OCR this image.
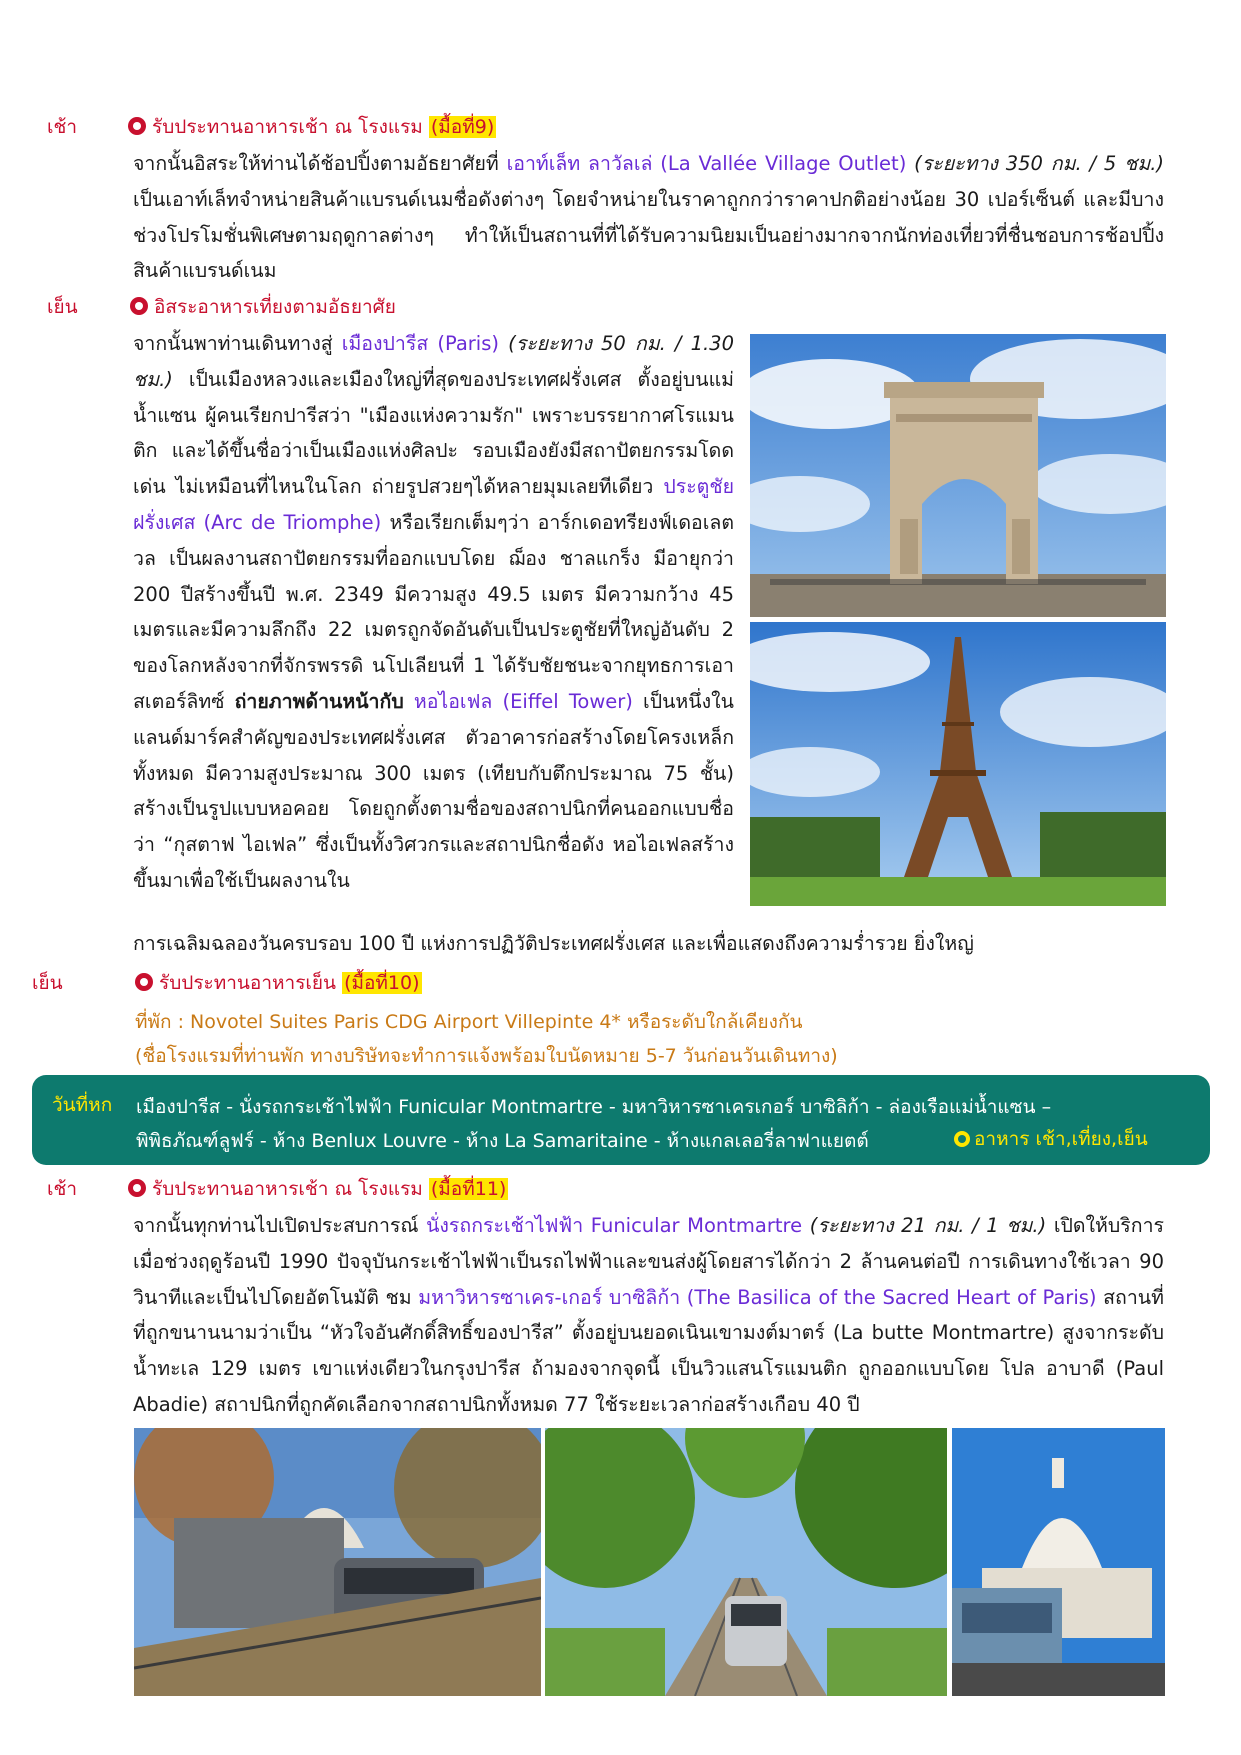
เช้า	รับประทานอาหารเช้า ณ โรงแรม (มื้อที่9)
จากนั้นอิสระให้ท่านได้ช้อปปิ้งตามอัธยาศัยที่ เอาท์เล็ท ลาวัลเล่ (La Vallée Village Outlet) (ระยะทาง 350 กม. / 5 ชม.) เป็นเอาท์เล็ทจำหน่ายสินค้าแบรนด์เนมชื่อดังต่างๆ โดยจำหน่ายในราคาถูกกว่าราคาปกติอย่างน้อย 30 เปอร์เซ็นต์ และมีบางช่วงโปรโมชั่นพิเศษตามฤดูกาลต่างๆ ทำให้เป็นสถานที่ที่ได้รับความนิยมเป็นอย่างมากจากนักท่องเที่ยวที่ชื่นชอบการช้อปปิ้งสินค้าแบรนด์เนม
เย็น	อิสระอาหารเที่ยงตามอัธยาศัย
จากนั้นพาท่านเดินทางสู่ เมืองปารีส (Paris) (ระยะทาง 50 กม. / 1.30 ชม.) เป็นเมืองหลวงและเมืองใหญ่ที่สุดของประเทศฝรั่งเศส ตั้งอยู่บนแม่น้ำแซน ผู้คนเรียกปารีสว่า "เมืองแห่งความรัก" เพราะบรรยากาศโรแมนติก และได้ขึ้นชื่อว่าเป็นเมืองแห่งศิลปะ รอบเมืองยังมีสถาปัตยกรรมโดดเด่น ไม่เหมือนที่ไหนในโลก ถ่ายรูปสวยๆได้หลายมุมเลยทีเดียว ประตูชัยฝรั่งเศส (Arc de Triomphe) หรือเรียกเต็มๆว่า อาร์กเดอทรียงฟ์เดอเลตวล เป็นผลงานสถาปัตยกรรมที่ออกแบบโดย ฌ็อง ชาลแกร็ง มีอายุกว่า 200 ปีสร้างขึ้นปี พ.ศ. 2349 มีความสูง 49.5 เมตร มีความกว้าง 45 เมตรและมีความลึกถึง 22 เมตรถูกจัดอันดับเป็นประตูชัยที่ใหญ่อันดับ 2 ของโลกหลังจากที่จักรพรรดิ นโปเลียนที่ 1 ได้รับชัยชนะจากยุทธการเอาสเตอร์ลิทซ์ ถ่ายภาพด้านหน้ากับ หอไอเฟล (Eiffel Tower) เป็นหนึ่งในแลนด์มาร์คสำคัญของประเทศฝรั่งเศส ตัวอาคารก่อสร้างโดยโครงเหล็กทั้งหมด มีความสูงประมาณ 300 เมตร (เทียบกับตึกประมาณ 75 ชั้น) สร้างเป็นรูปแบบหอคอย โดยถูกตั้งตามชื่อของสถาปนิกที่คนออกแบบชื่อว่า “กุสตาฟ ไอเฟล” ซึ่งเป็นทั้งวิศวกรและสถาปนิกชื่อดัง หอไอเฟลสร้างขึ้นมาเพื่อใช้เป็นผลงานใน
การเฉลิมฉลองวันครบรอบ 100 ปี แห่งการปฏิวัติประเทศฝรั่งเศส และเพื่อแสดงถึงความร่ำรวย ยิ่งใหญ่
เย็น	รับประทานอาหารเย็น (มื้อที่10)
ที่พัก : Novotel Suites Paris CDG Airport Villepinte 4* หรือระดับใกล้เคียงกัน
(ชื่อโรงแรมที่ท่านพัก ทางบริษัทจะทำการแจ้งพร้อมใบนัดหมาย 5-7 วันก่อนวันเดินทาง)
วันที่หก เมืองปารีส - นั่งรถกระเช้าไฟฟ้า Funicular Montmartre - มหาวิหารซาเครเกอร์ บาซิลิก้า - ล่องเรือแม่น้ำแซน –
พิพิธภัณฑ์ลูฟร์ - ห้าง Benlux Louvre - ห้าง La Samaritaine - ห้างแกลเลอรี่ลาฟาแยตต์	อาหาร เช้า,เที่ยง,เย็น
เช้า	รับประทานอาหารเช้า ณ โรงแรม (มื้อที่11)
จากนั้นทุกท่านไปเปิดประสบการณ์ นั่งรถกระเช้าไฟฟ้า Funicular Montmartre (ระยะทาง 21 กม. / 1 ชม.) เปิดให้บริการเมื่อช่วงฤดูร้อนปี 1990 ปัจจุบันกระเช้าไฟฟ้าเป็นรถไฟฟ้าและขนส่งผู้โดยสารได้กว่า 2 ล้านคนต่อปี การเดินทางใช้เวลา 90 วินาทีและเป็นไปโดยอัตโนมัติ ชม มหาวิหารซาเคร-เกอร์ บาซิลิก้า (The Basilica of the Sacred Heart of Paris) สถานที่ที่ถูกขนานนามว่าเป็น “หัวใจอันศักดิ์สิทธิ์ของปารีส” ตั้งอยู่บนยอดเนินเขามงต์มาตร์ (La butte Montmartre) สูงจากระดับน้ำทะเล 129 เมตร เขาแห่งเดียวในกรุงปารีส ถ้ามองจากจุดนี้ เป็นวิวแสนโรแมนติก ถูกออกแบบโดย โปล อาบาดี (Paul Abadie) สถาปนิกที่ถูกคัดเลือกจากสถาปนิกทั้งหมด 77 ใช้ระยะเวลาก่อสร้างเกือบ 40 ปี
